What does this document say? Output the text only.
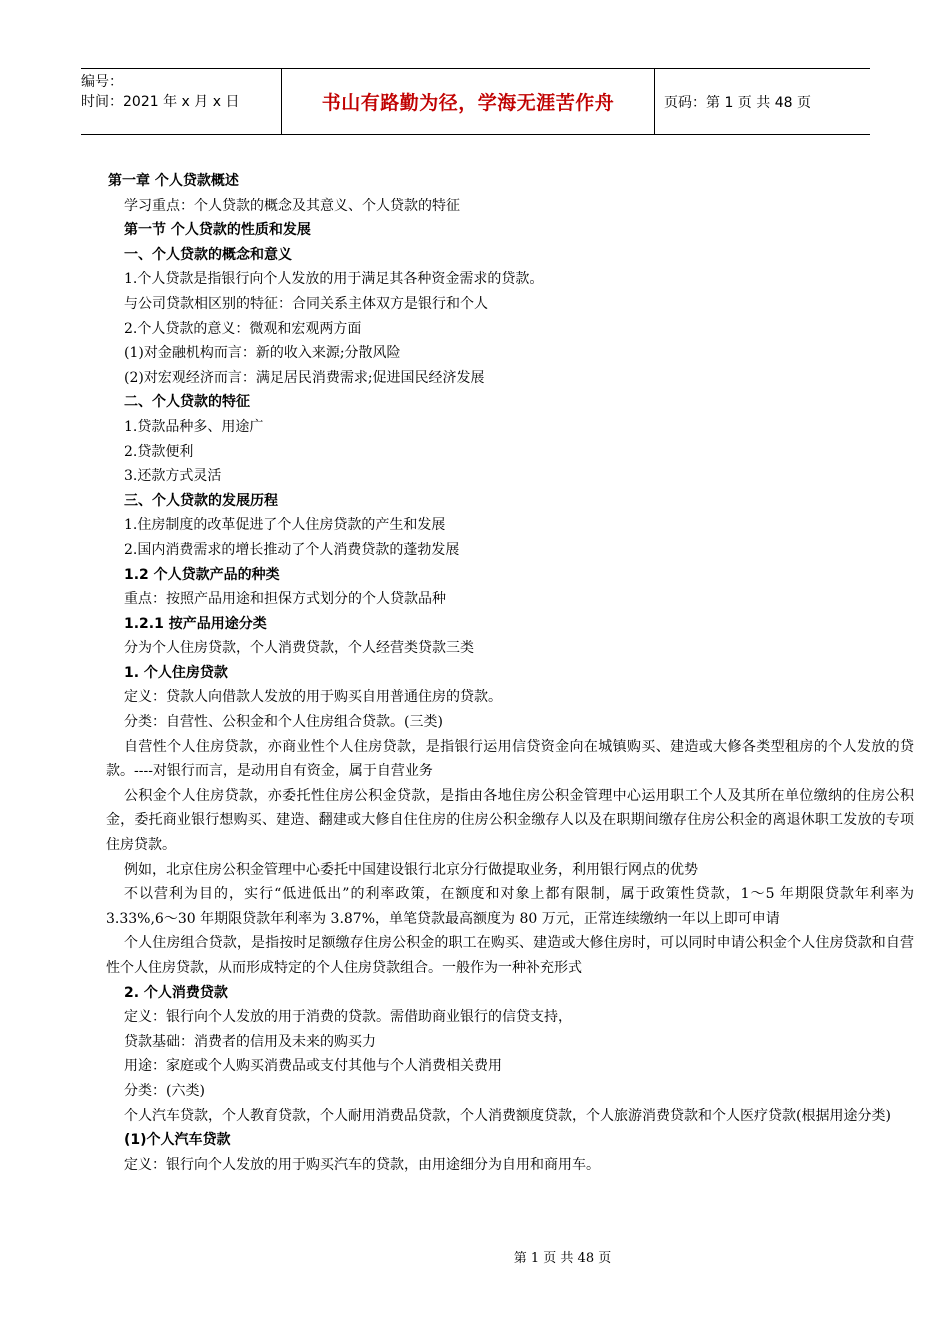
编号：
时间：2021 年 x 月 x 日	书山有路勤为径，学海无涯苦作舟	页码：第 1 页 共 48 页

第一章 个人贷款概述

学习重点：个人贷款的概念及其意义、个人贷款的特征

第一节 个人贷款的性质和发展

一、个人贷款的概念和意义

1.个人贷款是指银行向个人发放的用于满足其各种资金需求的贷款。

与公司贷款相区别的特征：合同关系主体双方是银行和个人

2.个人贷款的意义：微观和宏观两方面

(1)对金融机构而言：新的收入来源;分散风险

(2)对宏观经济而言：满足居民消费需求;促进国民经济发展

二、个人贷款的特征

1.贷款品种多、用途广

2.贷款便利

3.还款方式灵活

三、个人贷款的发展历程

1.住房制度的改革促进了个人住房贷款的产生和发展

2.国内消费需求的增长推动了个人消费贷款的蓬勃发展

1.2 个人贷款产品的种类

重点：按照产品用途和担保方式划分的个人贷款品种

1.2.1 按产品用途分类

分为个人住房贷款，个人消费贷款，个人经营类贷款三类

1. 个人住房贷款

定义：贷款人向借款人发放的用于购买自用普通住房的贷款。

分类：自营性、公积金和个人住房组合贷款。(三类)

自营性个人住房贷款，亦商业性个人住房贷款，是指银行运用信贷资金向在城镇购买、建造或大修各类型租房的个人发放的贷款。----对银行而言，是动用自有资金，属于自营业务

公积金个人住房贷款，亦委托性住房公积金贷款，是指由各地住房公积金管理中心运用职工个人及其所在单位缴纳的住房公积金，委托商业银行想购买、建造、翻建或大修自住住房的住房公积金缴存人以及在职期间缴存住房公积金的离退休职工发放的专项住房贷款。

例如，北京住房公积金管理中心委托中国建设银行北京分行做提取业务，利用银行网点的优势

不以营利为目的，实行“低进低出”的利率政策，在额度和对象上都有限制，属于政策性贷款，1～5 年期限贷款年利率为 3.33%,6～30 年期限贷款年利率为 3.87%，单笔贷款最高额度为 80 万元，正常连续缴纳一年以上即可申请

个人住房组合贷款，是指按时足额缴存住房公积金的职工在购买、建造或大修住房时，可以同时申请公积金个人住房贷款和自营性个人住房贷款，从而形成特定的个人住房贷款组合。一般作为一种补充形式

2. 个人消费贷款

定义：银行向个人发放的用于消费的贷款。需借助商业银行的信贷支持，

贷款基础：消费者的信用及未来的购买力

用途：家庭或个人购买消费品或支付其他与个人消费相关费用

分类：(六类)

个人汽车贷款，个人教育贷款，个人耐用消费品贷款，个人消费额度贷款，个人旅游消费贷款和个人医疗贷款(根据用途分类)

(1)个人汽车贷款

定义：银行向个人发放的用于购买汽车的贷款，由用途细分为自用和商用车。

第 1 页 共 48 页
